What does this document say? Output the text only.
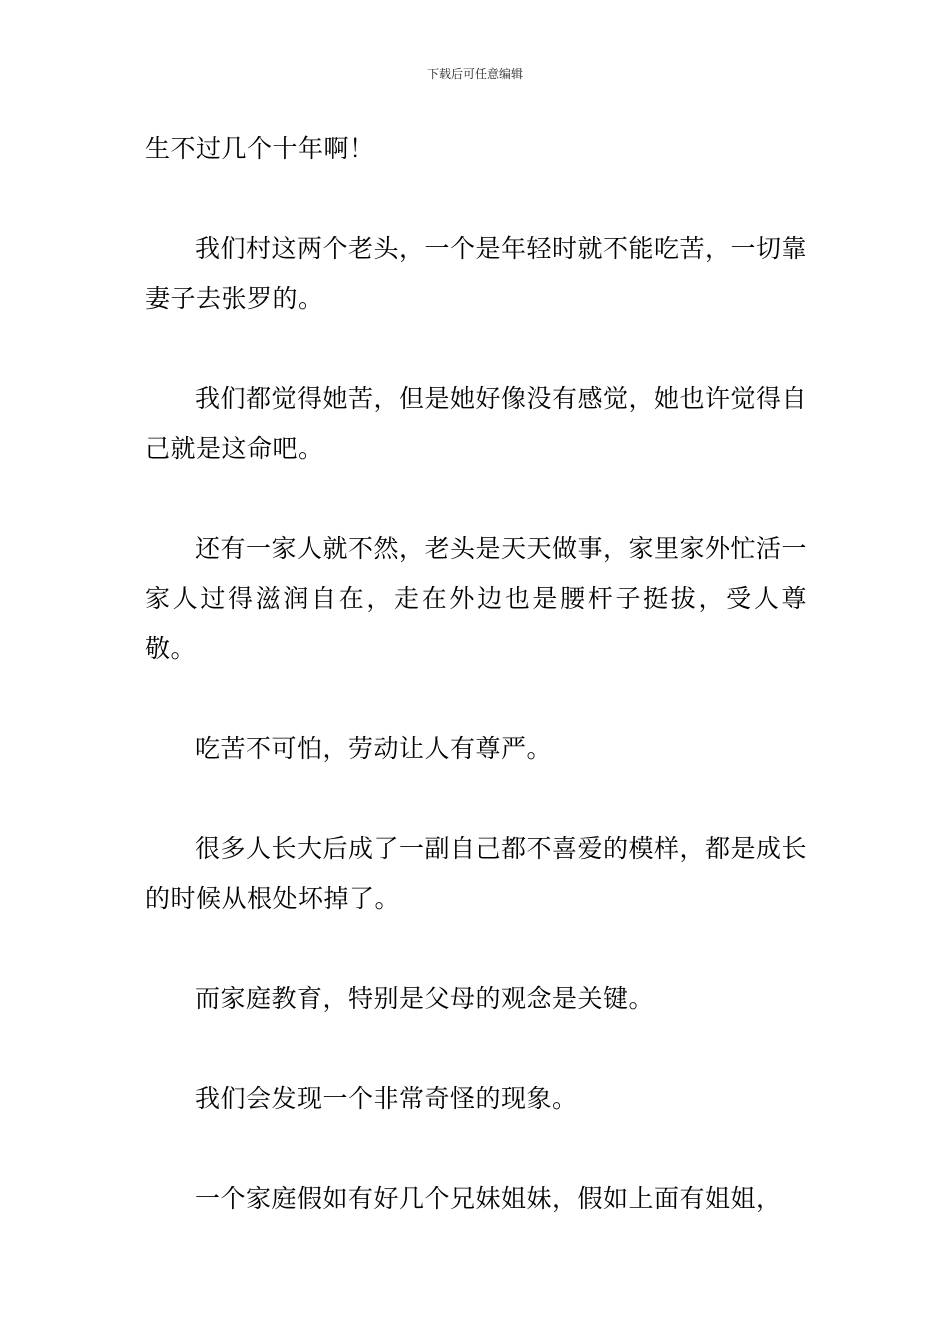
下载后可任意编辑

生不过几个十年啊！

我们村这两个老头，一个是年轻时就不能吃苦，一切靠妻子去张罗的。

我们都觉得她苦，但是她好像没有感觉，她也许觉得自己就是这命吧。

还有一家人就不然，老头是天天做事，家里家外忙活一家人过得滋润自在，走在外边也是腰杆子挺拔，受人尊敬。

吃苦不可怕，劳动让人有尊严。

很多人长大后成了一副自己都不喜爱的模样，都是成长的时候从根处坏掉了。

而家庭教育，特别是父母的观念是关键。

我们会发现一个非常奇怪的现象。

一个家庭假如有好几个兄妹姐妹，假如上面有姐姐，
